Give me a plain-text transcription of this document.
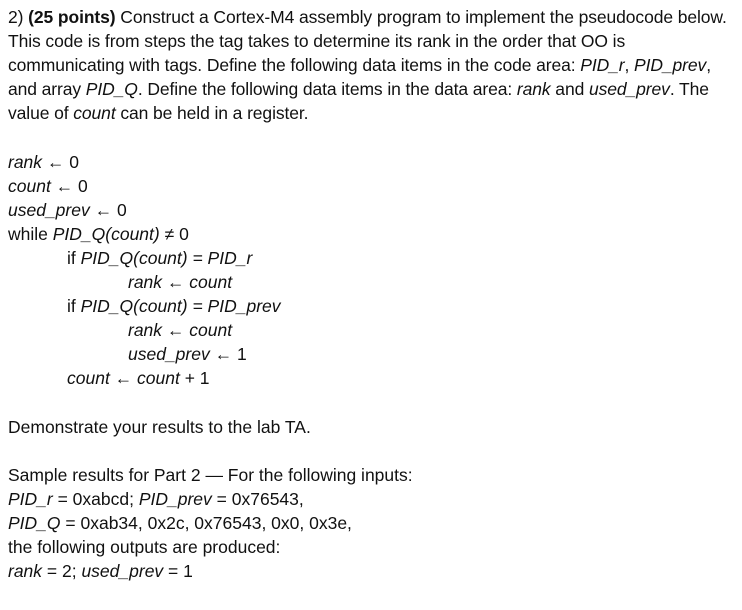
2) (25 points) Construct a Cortex-M4 assembly program to implement the pseudocode below. This code is from steps the tag takes to determine its rank in the order that OO is communicating with tags. Define the following data items in the code area: PID_r, PID_prev, and array PID_Q. Define the following data items in the data area: rank and used_prev. The value of count can be held in a register.

rank ← 0
count ← 0
used_prev ← 0
while PID_Q(count) ≠ 0
if PID_Q(count) = PID_r
rank ← count
if PID_Q(count) = PID_prev
rank ← count
used_prev ← 1
count ← count + 1

Demonstrate your results to the lab TA.

Sample results for Part 2 — For the following inputs:
PID_r = 0xabcd; PID_prev = 0x76543,
PID_Q = 0xab34, 0x2c, 0x76543, 0x0, 0x3e,
the following outputs are produced:
rank = 2; used_prev = 1
